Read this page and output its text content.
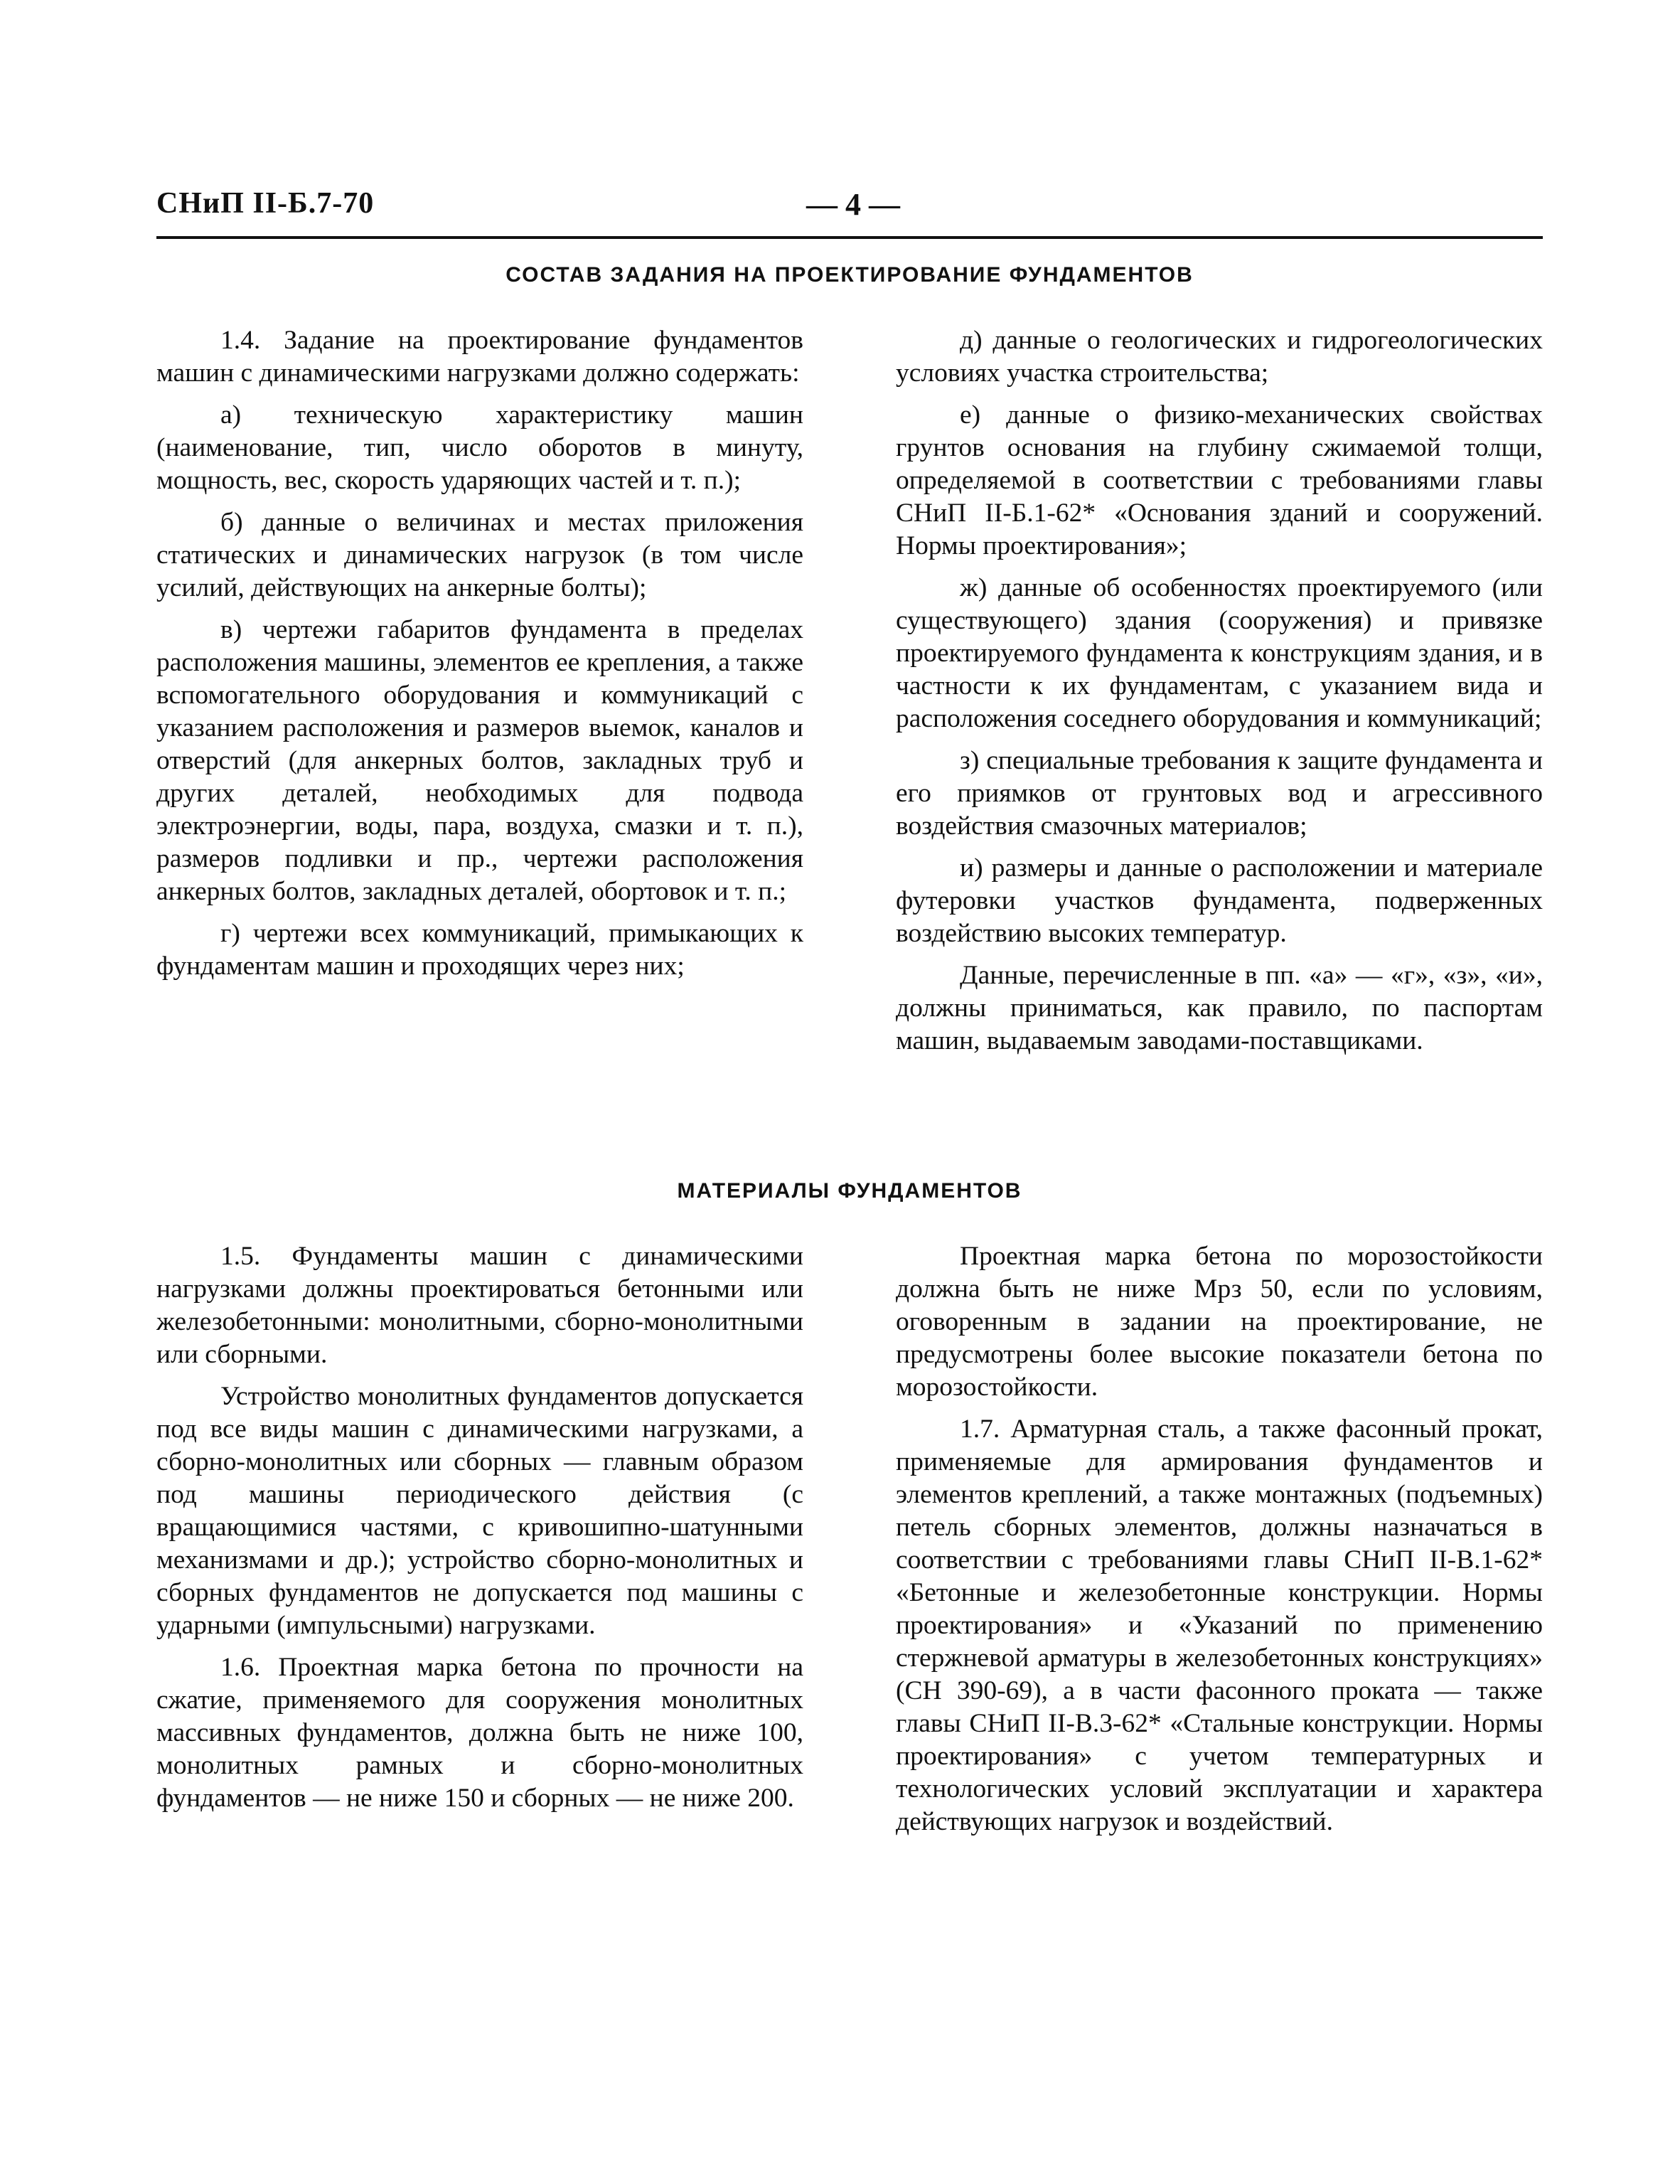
СНиП II-Б.7-70	— 4 —
СОСТАВ ЗАДАНИЯ НА ПРОЕКТИРОВАНИЕ ФУНДАМЕНТОВ

1.4. Задание на проектирование фундаментов машин с динамическими нагрузками должно содержать:

а) техническую характеристику машин (наименование, тип, число оборотов в минуту, мощность, вес, скорость ударяющих частей и т. п.);

б) данные о величинах и местах приложения статических и динамических нагрузок (в том числе усилий, действующих на анкерные болты);

в) чертежи габаритов фундамента в пределах расположения машины, элементов ее крепления, а также вспомогательного оборудования и коммуникаций с указанием расположения и размеров выемок, каналов и отверстий (для анкерных болтов, закладных труб и других деталей, необходимых для подвода электроэнергии, воды, пара, воздуха, смазки и т. п.), размеров подливки и пр., чертежи расположения анкерных болтов, закладных деталей, обортовок и т. п.;

г) чертежи всех коммуникаций, примыкающих к фундаментам машин и проходящих через них;

д) данные о геологических и гидрогеологических условиях участка строительства;

е) данные о физико-механических свойствах грунтов основания на глубину сжимаемой толщи, определяемой в соответствии с требованиями главы СНиП II-Б.1-62* «Основания зданий и сооружений. Нормы проектирования»;

ж) данные об особенностях проектируемого (или существующего) здания (сооружения) и привязке проектируемого фундамента к конструкциям здания, и в частности к их фундаментам, с указанием вида и расположения соседнего оборудования и коммуникаций;

з) специальные требования к защите фундамента и его приямков от грунтовых вод и агрессивного воздействия смазочных материалов;

и) размеры и данные о расположении и материале футеровки участков фундамента, подверженных воздействию высоких температур.

Данные, перечисленные в пп. «а» — «г», «з», «и», должны приниматься, как правило, по паспортам машин, выдаваемым заводами-поставщиками.

МАТЕРИАЛЫ ФУНДАМЕНТОВ

1.5. Фундаменты машин с динамическими нагрузками должны проектироваться бетонными или железобетонными: монолитными, сборно-монолитными или сборными.

Устройство монолитных фундаментов допускается под все виды машин с динамическими нагрузками, а сборно-монолитных или сборных — главным образом под машины периодического действия (с вращающимися частями, с кривошипно-шатунными механизмами и др.); устройство сборно-монолитных и сборных фундаментов не допускается под машины с ударными (импульсными) нагрузками.

1.6. Проектная марка бетона по прочности на сжатие, применяемого для сооружения монолитных массивных фундаментов, должна быть не ниже 100, монолитных рамных и сборно-монолитных фундаментов — не ниже 150 и сборных — не ниже 200.

Проектная марка бетона по морозостойкости должна быть не ниже Мрз 50, если по условиям, оговоренным в задании на проектирование, не предусмотрены более высокие показатели бетона по морозостойкости.

1.7. Арматурная сталь, а также фасонный прокат, применяемые для армирования фундаментов и элементов креплений, а также монтажных (подъемных) петель сборных элементов, должны назначаться в соответствии с требованиями главы СНиП II-В.1-62* «Бетонные и железобетонные конструкции. Нормы проектирования» и «Указаний по применению стержневой арматуры в железобетонных конструкциях» (СН 390-69), а в части фасонного проката — также главы СНиП II-В.3-62* «Стальные конструкции. Нормы проектирования» с учетом температурных и технологических условий эксплуатации и характера действующих нагрузок и воздействий.
